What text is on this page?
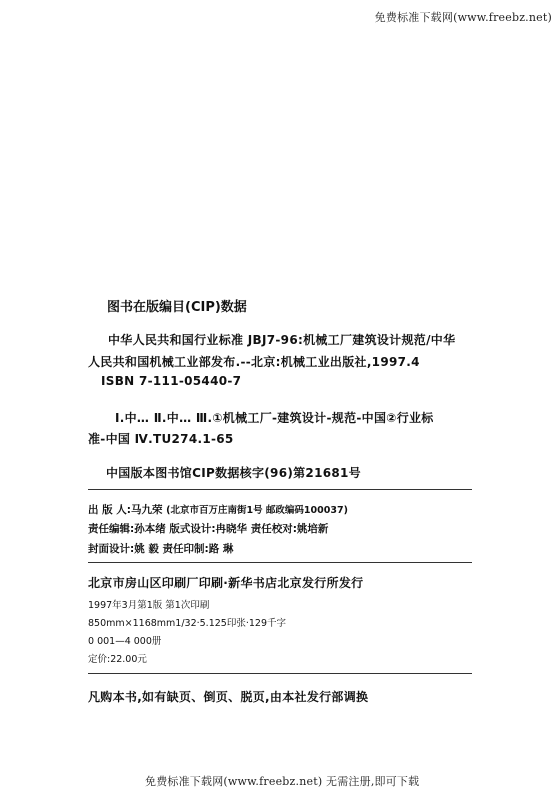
免费标准下载网(www.freebz.net)
图书在版编目(CIP)数据
中华人民共和国行业标准 JBJ7-96:机械工厂建筑设计规范/中华
人民共和国机械工业部发布.--北京:机械工业出版社,1997.4
ISBN 7-111-05440-7
Ⅰ.中… Ⅱ.中… Ⅲ.①机械工厂-建筑设计-规范-中国②行业标
准-中国 Ⅳ.TU274.1-65
中国版本图书馆CIP数据核字(96)第21681号
出 版 人:马九荣 (北京市百万庄南街1号 邮政编码100037)
责任编辑:孙本绪 版式设计:冉晓华 责任校对:姚培新
封面设计:姚 毅 责任印制:路 琳
北京市房山区印刷厂印刷·新华书店北京发行所发行
1997年3月第1版 第1次印刷
850mm×1168mm1/32·5.125印张·129千字
0 001—4 000册
定价:22.00元
凡购本书,如有缺页、倒页、脱页,由本社发行部调换
免费标准下载网(www.freebz.net) 无需注册,即可下载
